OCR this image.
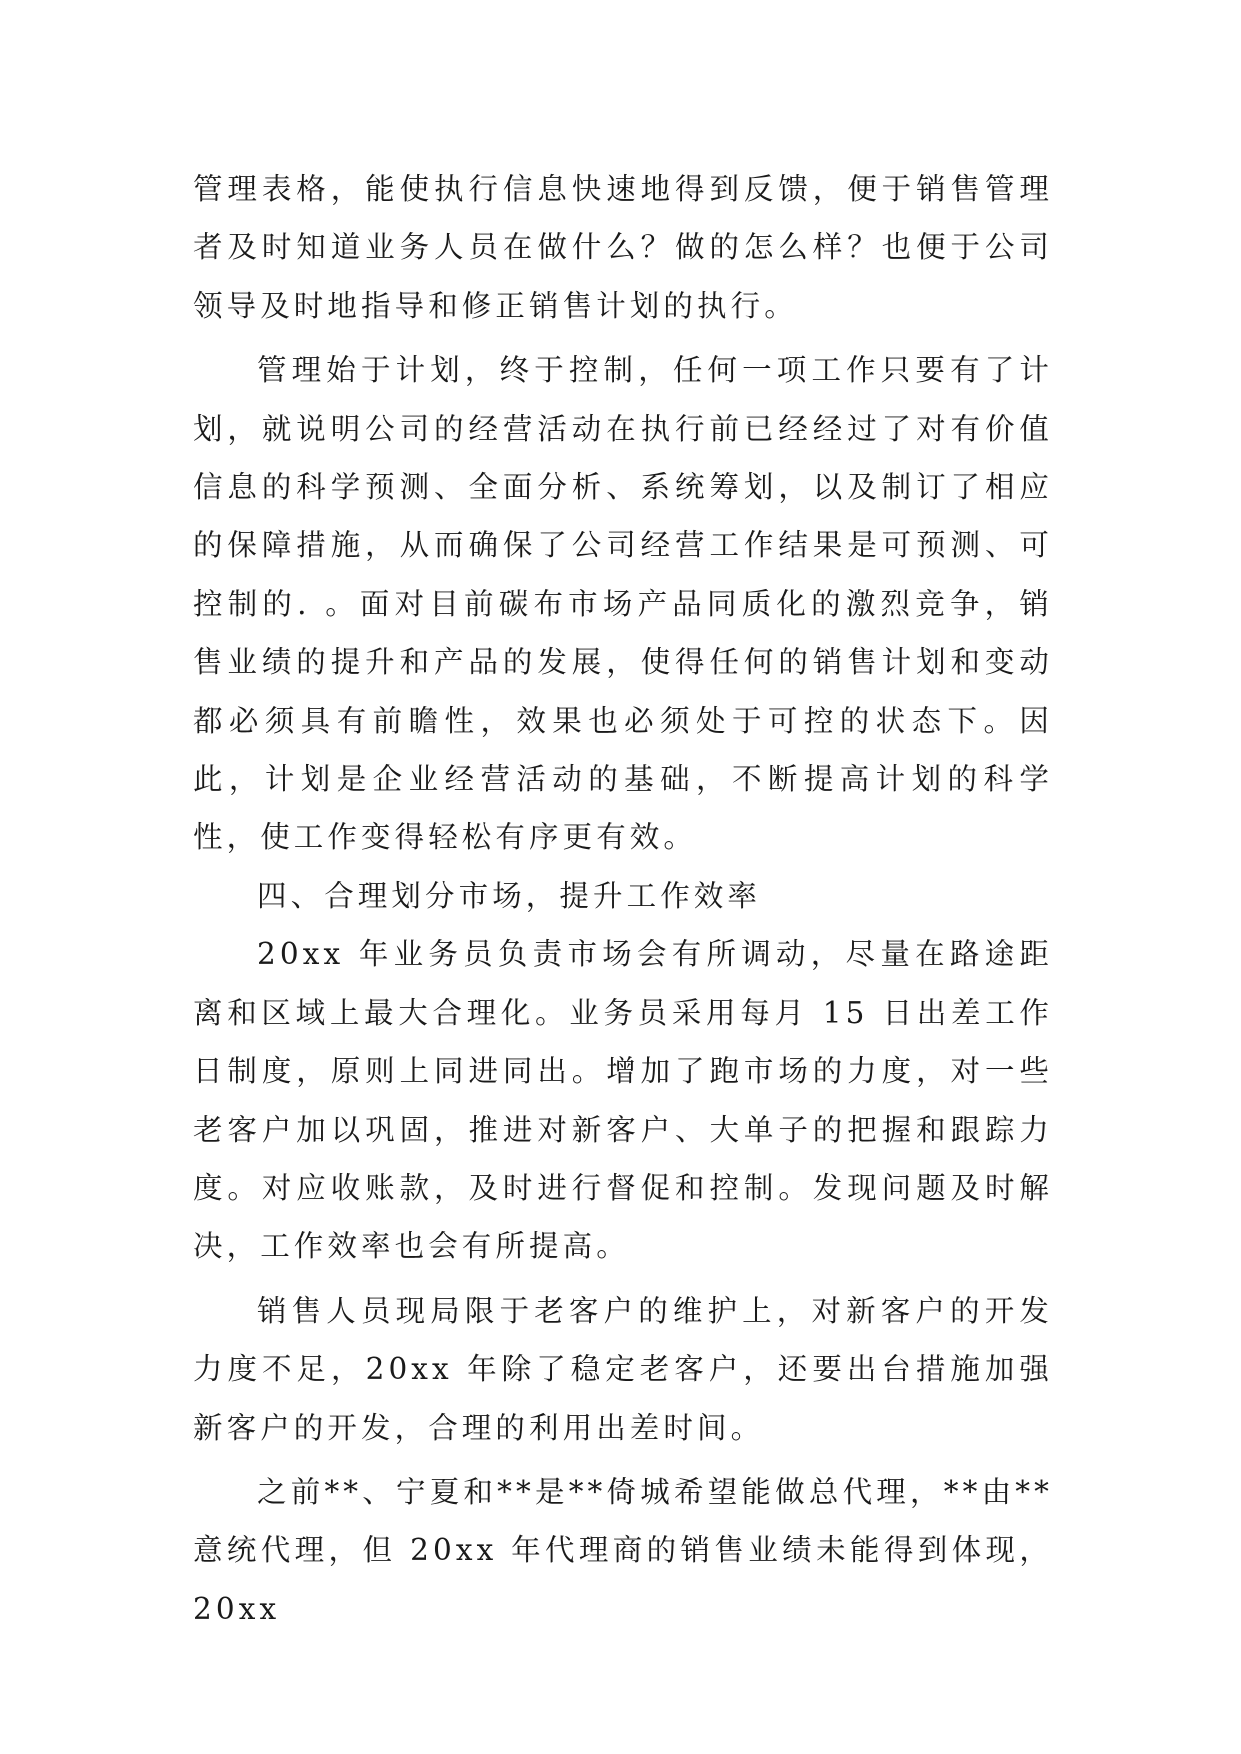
管理表格，能使执行信息快速地得到反馈，便于销售管理者及时知道业务人员在做什么？做的怎么样？也便于公司领导及时地指导和修正销售计划的执行。

管理始于计划，终于控制，任何一项工作只要有了计划，就说明公司的经营活动在执行前已经经过了对有价值信息的科学预测、全面分析、系统筹划，以及制订了相应的保障措施，从而确保了公司经营工作结果是可预测、可控制的. 。面对目前碳布市场产品同质化的激烈竞争，销售业绩的提升和产品的发展，使得任何的销售计划和变动都必须具有前瞻性，效果也必须处于可控的状态下。因此，计划是企业经营活动的基础，不断提高计划的科学性，使工作变得轻松有序更有效。

四、合理划分市场，提升工作效率

20xx 年业务员负责市场会有所调动，尽量在路途距离和区域上最大合理化。业务员采用每月 15 日出差工作日制度，原则上同进同出。增加了跑市场的力度，对一些老客户加以巩固，推进对新客户、大单子的把握和跟踪力度。对应收账款，及时进行督促和控制。发现问题及时解决，工作效率也会有所提高。

销售人员现局限于老客户的维护上，对新客户的开发力度不足，20xx 年除了稳定老客户，还要出台措施加强新客户的开发，合理的利用出差时间。

之前**、宁夏和**是**倚城希望能做总代理，**由**意统代理，但 20xx 年代理商的销售业绩未能得到体现，20xx
